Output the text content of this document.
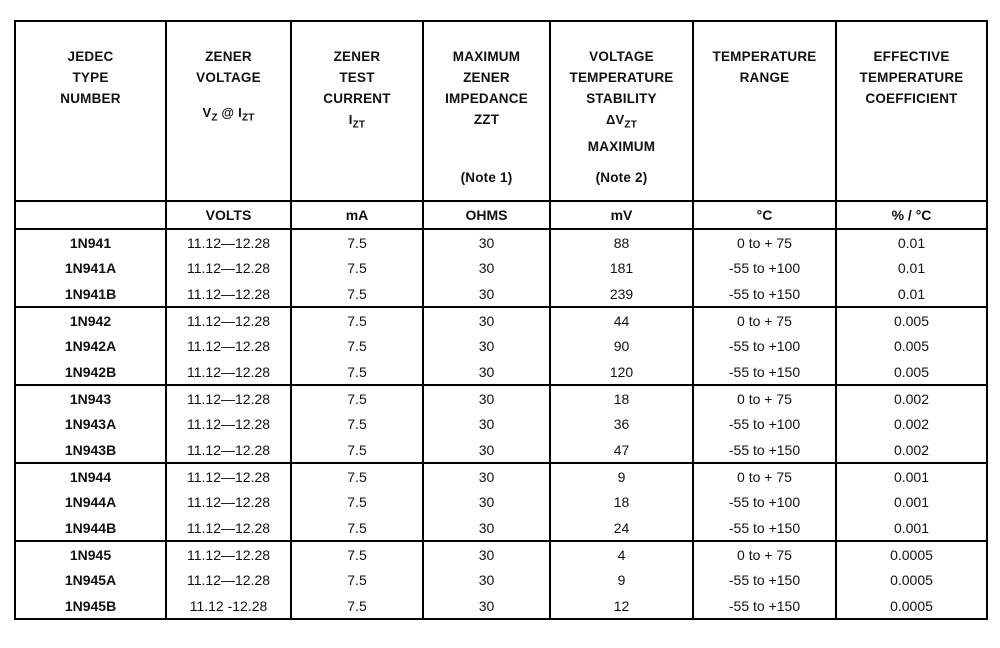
JEDEC
TYPE
NUMBER

ZENER
VOLTAGE
$V_Z$ @ $I_{ZT}$

ZENER
TEST
CURRENT
$I_{ZT}$

MAXIMUM
ZENER
IMPEDANCE
ZZT
(Note 1)

VOLTAGE
TEMPERATURE
STABILITY
$\Delta V_{ZT}$
MAXIMUM
(Note 2)

TEMPERATURE
RANGE

EFFECTIVE
TEMPERATURE
COEFFICIENT

	VOLTS	mA	OHMS	mV	°C	% / °C
1N941	11.12—12.28	7.5	30	88	0 to + 75	0.01
1N941A	11.12—12.28	7.5	30	181	-55 to +100	0.01
1N941B	11.12—12.28	7.5	30	239	-55 to +150	0.01
1N942	11.12—12.28	7.5	30	44	0 to + 75	0.005
1N942A	11.12—12.28	7.5	30	90	-55 to +100	0.005
1N942B	11.12—12.28	7.5	30	120	-55 to +150	0.005
1N943	11.12—12.28	7.5	30	18	0 to + 75	0.002
1N943A	11.12—12.28	7.5	30	36	-55 to +100	0.002
1N943B	11.12—12.28	7.5	30	47	-55 to +150	0.002
1N944	11.12—12.28	7.5	30	9	0 to + 75	0.001
1N944A	11.12—12.28	7.5	30	18	-55 to +100	0.001
1N944B	11.12—12.28	7.5	30	24	-55 to +150	0.001
1N945	11.12—12.28	7.5	30	4	0 to + 75	0.0005
1N945A	11.12—12.28	7.5	30	9	-55 to +150	0.0005
1N945B	11.12 -12.28	7.5	30	12	-55 to +150	0.0005
